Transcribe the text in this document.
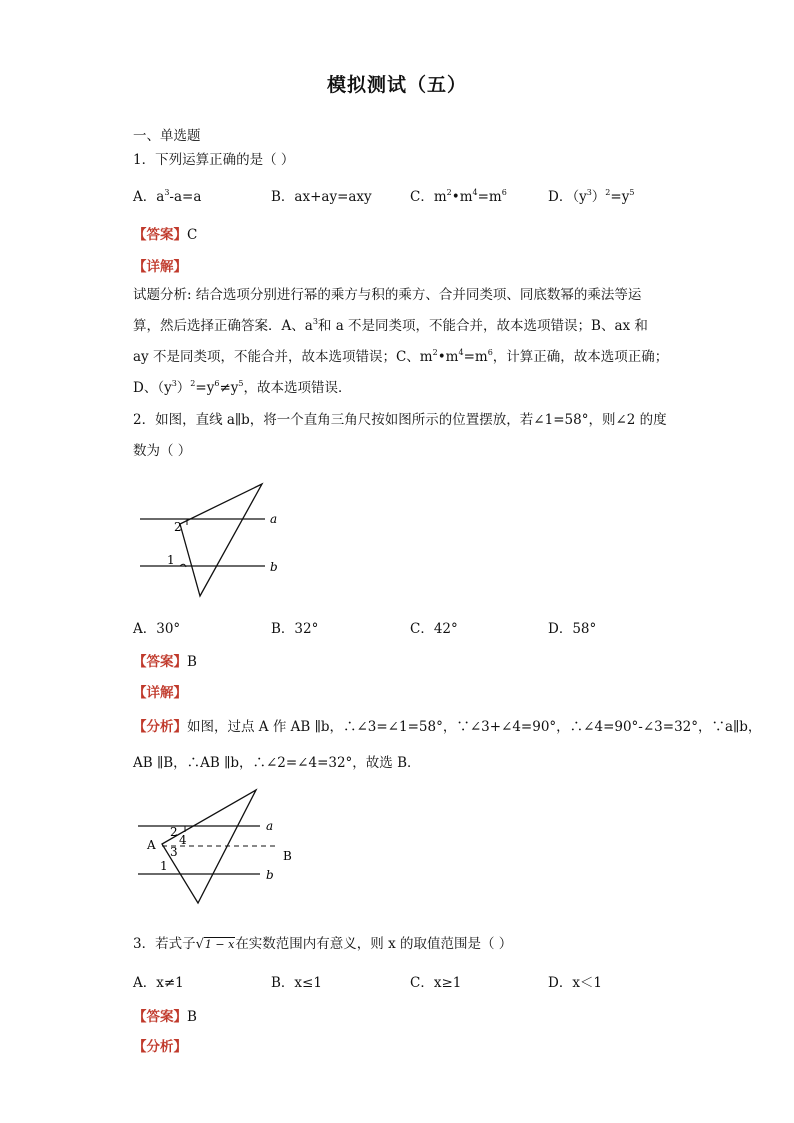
模拟测试（五）
一、单选题
1．下列运算正确的是（ ）
A．$a^3-a=a$	B．ax+ay=axy	C．$m^2•m^4=m^6$	D．$(y^3)^2=y^5$
【答案】C
【详解】
试题分析: 结合选项分别进行幂的乘方与积的乘方、合并同类项、同底数幂的乘法等运
算，然后选择正确答案．A、$a^3$和 a 不是同类项，不能合并，故本选项错误；B、ax 和
ay 不是同类项，不能合并，故本选项错误；C、$m^2•m^4=m^6$，计算正确，故本选项正确；
D、$(y^3)^2=y^6\ne y^5$，故本选项错误．
2．如图，直线 a∥b，将一个直角三角尺按如图所示的位置摆放，若∠1=58°，则∠2 的度
数为（ ）
a
b
2
1
A．30°	B．32°	C．42°	D．58°
【答案】B
【详解】
【分析】如图，过点 A 作 AB ∥b，∴∠3=∠1=58°，∵∠3+∠4=90°，∴∠4=90°-∠3=32°，∵a∥b，
AB ∥B，∴AB ∥b，∴∠2=∠4=32°，故选 B．
a
b
A
B
2
4
3
1
3．若式子√1 − x在实数范围内有意义，则 x 的取值范围是（ ）
A．x≠1	B．x≤1	C．x≥1	D．x＜1
【答案】B
【分析】
